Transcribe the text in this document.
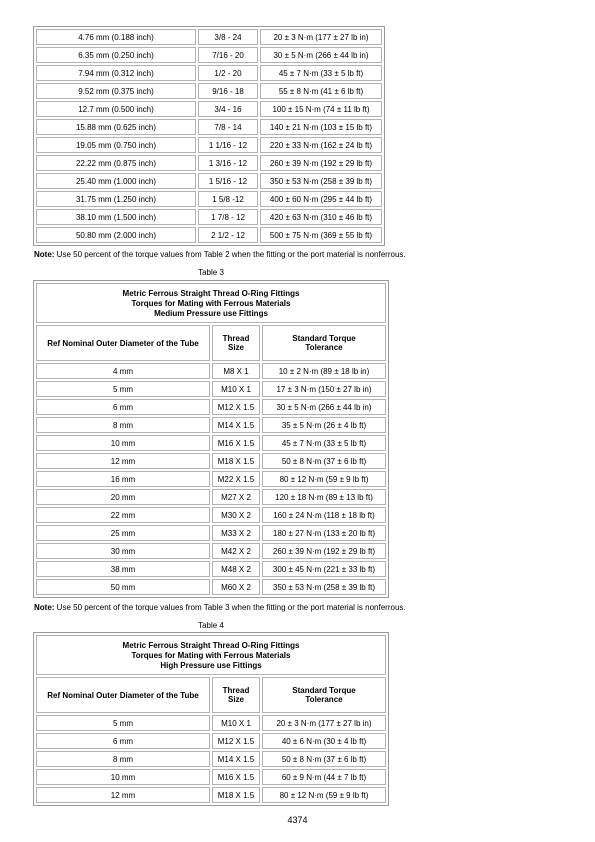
4.76 mm (0.188 inch)	3/8 - 24	20 ± 3 N·m (177 ± 27 lb in)
6.35 mm (0.250 inch)	7/16 - 20	30 ± 5 N·m (266 ± 44 lb in)
7.94 mm (0.312 inch)	1/2 - 20	45 ± 7 N·m (33 ± 5 lb ft)
9.52 mm (0.375 inch)	9/16 - 18	55 ± 8 N·m (41 ± 6 lb ft)
12.7 mm (0.500 inch)	3/4 - 16	100 ± 15 N·m (74 ± 11 lb ft)
15.88 mm (0.625 inch)	7/8 - 14	140 ± 21 N·m (103 ± 15 lb ft)
19.05 mm (0.750 inch)	1 1/16 - 12	220 ± 33 N·m (162 ± 24 lb ft)
22.22 mm (0.875 inch)	1 3/16 - 12	260 ± 39 N·m (192 ± 29 lb ft)
25.40 mm (1.000 inch)	1 5/16 - 12	350 ± 53 N·m (258 ± 39 lb ft)
31.75 mm (1.250 inch)	1 5/8 -12	400 ± 60 N·m (295 ± 44 lb ft)
38.10 mm (1.500 inch)	1 7/8 - 12	420 ± 63 N·m (310 ± 46 lb ft)
50.80 mm (2.000 inch)	2 1/2 - 12	500 ± 75 N·m (369 ± 55 lb ft)
Note: Use 50 percent of the torque values from Table 2 when the fitting or the port material is nonferrous.
Table 3
Metric Ferrous Straight Thread O-Ring Fittings
Torques for Mating with Ferrous Materials
Medium Pressure use Fittings		

Ref Nominal Outer Diameter of the Tube	Thread Size	Standard Torque Tolerance
4 mm	M8 X 1	10 ± 2 N·m (89 ± 18 lb in)
5 mm	M10 X 1	17 ± 3 N·m (150 ± 27 lb in)
6 mm	M12 X 1.5	30 ± 5 N·m (266 ± 44 lb in)
8 mm	M14 X 1.5	35 ± 5 N·m (26 ± 4 lb ft)
10 mm	M16 X 1.5	45 ± 7 N·m (33 ± 5 lb ft)
12 mm	M18 X 1.5	50 ± 8 N·m (37 ± 6 lb ft)
16 mm	M22 X 1.5	80 ± 12 N·m (59 ± 9 lb ft)
20 mm	M27 X 2	120 ± 18 N·m (89 ± 13 lb ft)
22 mm	M30 X 2	160 ± 24 N·m (118 ± 18 lb ft)
25 mm	M33 X 2	180 ± 27 N·m (133 ± 20 lb ft)
30 mm	M42 X 2	260 ± 39 N·m (192 ± 29 lb ft)
38 mm	M48 X 2	300 ± 45 N·m (221 ± 33 lb ft)
50 mm	M60 X 2	350 ± 53 N·m (258 ± 39 lb ft)
Note: Use 50 percent of the torque values from Table 3 when the fitting or the port material is nonferrous.
Table 4
Metric Ferrous Straight Thread O-Ring Fittings
Torques for Mating with Ferrous Materials
High Pressure use Fittings		

Ref Nominal Outer Diameter of the Tube	Thread Size	Standard Torque Tolerance
5 mm	M10 X 1	20 ± 3 N·m (177 ± 27 lb in)
6 mm	M12 X 1.5	40 ± 6 N·m (30 ± 4 lb ft)
8 mm	M14 X 1.5	50 ± 8 N·m (37 ± 6 lb ft)
10 mm	M16 X 1.5	60 ± 9 N·m (44 ± 7 lb ft)
12 mm	M18 X 1.5	80 ± 12 N·m (59 ± 9 lb ft)
4374
